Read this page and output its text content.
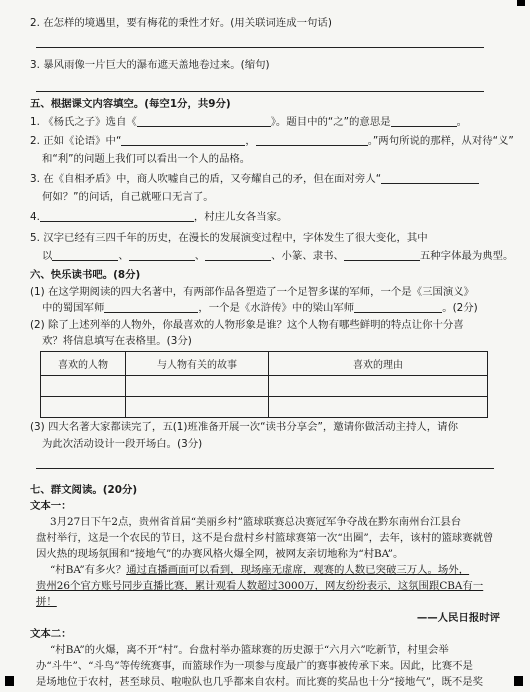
2. 在怎样的境遇里，要有梅花的秉性才好。(用关联词连成一句话)
3. 暴风雨像一片巨大的瀑布遮天盖地卷过来。(缩句)
五、根据课文内容填空。(每空1分，共9分)
1. 《杨氏之子》选自《	》。题目中的“之”的意思是	。
2. 正如《论语》中“	，	。”两句所说的那样，从对待“义”
和“利”的问题上我们可以看出一个人的品格。
3. 在《自相矛盾》中，商人吹嘘自己的盾，又夸耀自己的矛，但在面对旁人“
何如？”的问话，自己就哑口无言了。
4.	，村庄儿女各当家。
5. 汉字已经有三四千年的历史，在漫长的发展演变过程中，字体发生了很大变化，其中
以	、	、	、小篆、隶书、	五种字体最为典型。
六、快乐读书吧。(8分)
(1) 在这学期阅读的四大名著中，有两部作品各塑造了一个足智多谋的军师，一个是《三国演义》
中的蜀国军师	，一个是《水浒传》中的梁山军师	。(2分)
(2) 除了上述列举的人物外，你最喜欢的人物形象是谁？这个人物有哪些鲜明的特点让你十分喜
欢？将信息填写在表格里。(3分)
喜欢的人物	与人物有关的故事	喜欢的理由

(3) 四大名著大家都读完了，五(1)班准备开展一次“读书分享会”，邀请你做活动主持人，请你
为此次活动设计一段开场白。(3分)
七、群文阅读。(20分)
文本一：
3月27日下午2点，贵州省首届“美丽乡村”篮球联赛总决赛冠军争夺战在黔东南州台江县台
盘村举行，这是一个农民的节日，这不是台盘村乡村篮球赛第一次“出圈”，去年，该村的篮球赛就曾
因火热的现场氛围和“接地气”的办赛风格火爆全网，被网友亲切地称为“村BA”。
“村BA”有多火？通过直播画面可以看到，现场座无虚席，观赛的人数已突破三万人。场外，
贵州26个官方账号同步直播比赛，累计观看人数超过3000万，网友纷纷表示，这氛围跟CBA有一
拼！
——人民日报时评
文本二：
“村BA”的火爆，离不开“村”。台盘村举办篮球赛的历史源于“六月六”吃新节，村里会举
办“斗牛”、“斗鸟”等传统赛事，而篮球作为一项参与度最广的赛事被传承下来。因此，比赛不是
是场地位于农村，甚至球员、啦啦队也几乎都来自农村。而比赛的奖品也十分“接地气”，既不是奖
